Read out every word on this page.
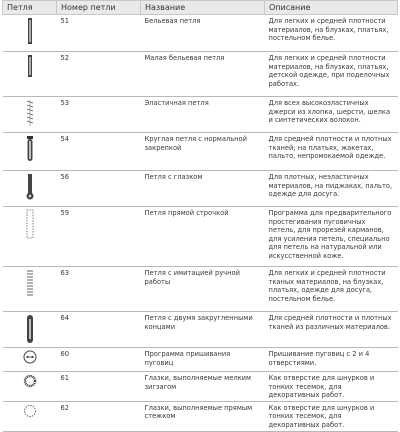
Петля	Номер петли	Название	Описание

	51	Бельевая петля	Для легких и средней плотности материалов, на блузках, платьях, постельном белье.

	52	Малая бельевая петля	Для легких и средней плотности материалов, на блузках, платьях, детской одежде, при поделочных работах.

	53	Эластичная петля	Для всех высокоэластичных джерси из хлопка, шерсти, шелка и синтетических волокон.

	54	Круглая петля с нормальной закрепкой	Для средней плотности и плотных тканей; на платьях, жакетах, пальто, непромокаемой одежде.

	56	Петля с глазком	Для плотных, неэластичных материалов, на пиджаках, пальто, одежде для досуга.

	59	Петля прямой строчкой	Программа для предварительного простегивания пуговичных петель, для прорезей карманов, для усиления петель, специально для петель на натуральной или искусственной коже.

	63	Петля с имитацией ручной работы	Для легких и средней плотности тканых материалов, на блузках, платьях, одежде для досуга, постельном белье.

	64	Петля с двумя закругленными концами	Для средней плотности и плотных тканей из различных материалов.

	60	Программа пришивания пуговиц	Пришивание пуговиц с 2 и 4 отверстиями.

	61	Глазки, выполняемые мелким зигзагом	Как отверстие для шнурков и тонких тесемок, для декоративных работ.

	62	Глазки, выполняемые прямым стежком	Как отверстие для шнурков и тонких тесемок, для декоративных работ.
